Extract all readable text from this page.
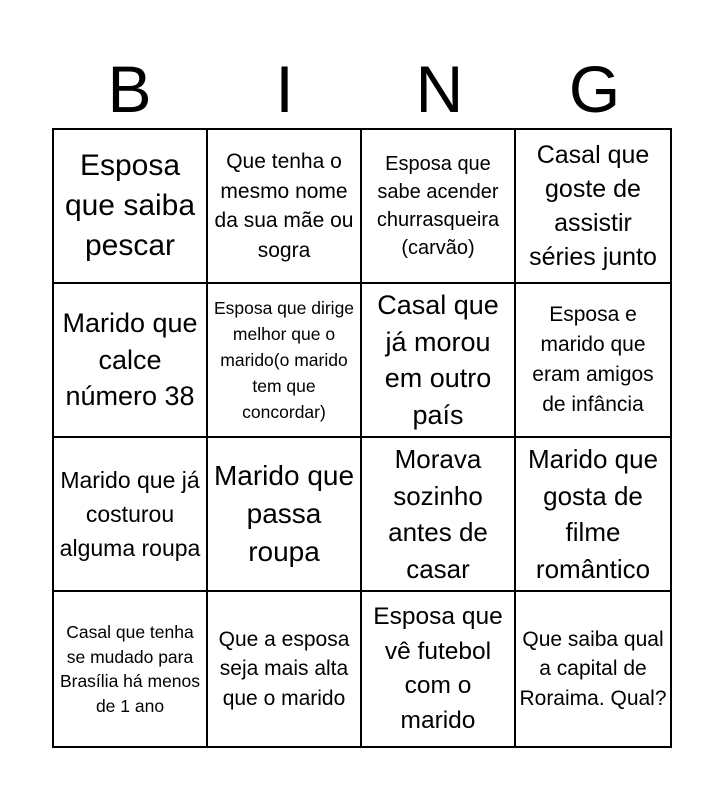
B	I	N	G
Esposa que saiba pescar
Que tenha o mesmo nome da sua mãe ou sogra
Esposa que sabe acender churrasqueira (carvão)
Casal que goste de assistir séries junto
Marido que calce número 38
Esposa que dirige melhor que o marido(o marido tem que concordar)
Casal que já morou em outro país
Esposa e marido que eram amigos de infância
Marido que já costurou alguma roupa
Marido que passa roupa
Morava sozinho antes de casar
Marido que gosta de filme romântico
Casal que tenha se mudado para Brasília há menos de 1 ano
Que a esposa seja mais alta que o marido
Esposa que vê futebol com o marido
Que saiba qual a capital de Roraima. Qual?
